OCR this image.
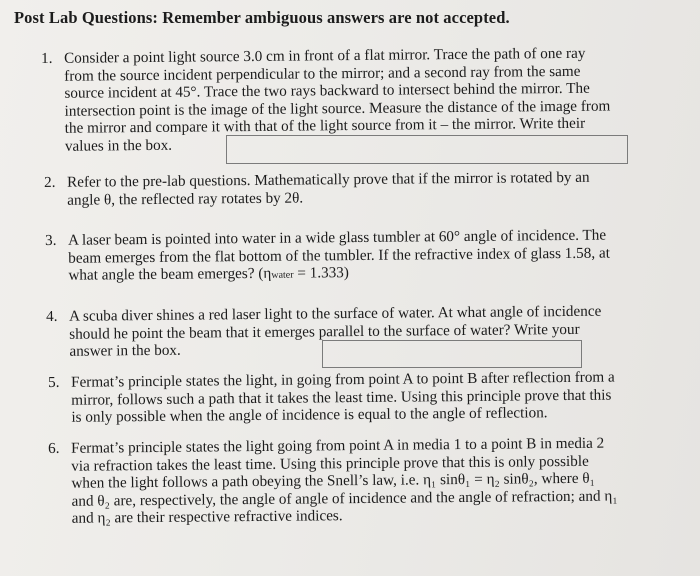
Post Lab Questions: Remember ambiguous answers are not accepted.
1. Consider a point light source 3.0 cm in front of a flat mirror. Trace the path of one ray
from the source incident perpendicular to the mirror; and a second ray from the same
source incident at 45°. Trace the two rays backward to intersect behind the mirror. The
intersection point is the image of the light source. Measure the distance of the image from
the mirror and compare it with that of the light source from it – the mirror. Write their
values in the box.
2. Refer to the pre-lab questions. Mathematically prove that if the mirror is rotated by an
angle θ, the reflected ray rotates by 2θ.
3. A laser beam is pointed into water in a wide glass tumbler at 60° angle of incidence. The
beam emerges from the flat bottom of the tumbler. If the refractive index of glass 1.58, at
what angle the beam emerges? (ηwater = 1.333)
4. A scuba diver shines a red laser light to the surface of water. At what angle of incidence
should he point the beam that it emerges parallel to the surface of water? Write your
answer in the box.
5. Fermat’s principle states the light, in going from point A to point B after reflection from a
mirror, follows such a path that it takes the least time. Using this principle prove that this
is only possible when the angle of incidence is equal to the angle of reflection.
6. Fermat’s principle states the light going from point A in media 1 to a point B in media 2
via refraction takes the least time. Using this principle prove that this is only possible
when the light follows a path obeying the Snell’s law, i.e. η₁ sinθ₁ = η₂ sinθ₂, where θ₁
and θ₂ are, respectively, the angle of angle of incidence and the angle of refraction; and η₁
and η₂ are their respective refractive indices.
